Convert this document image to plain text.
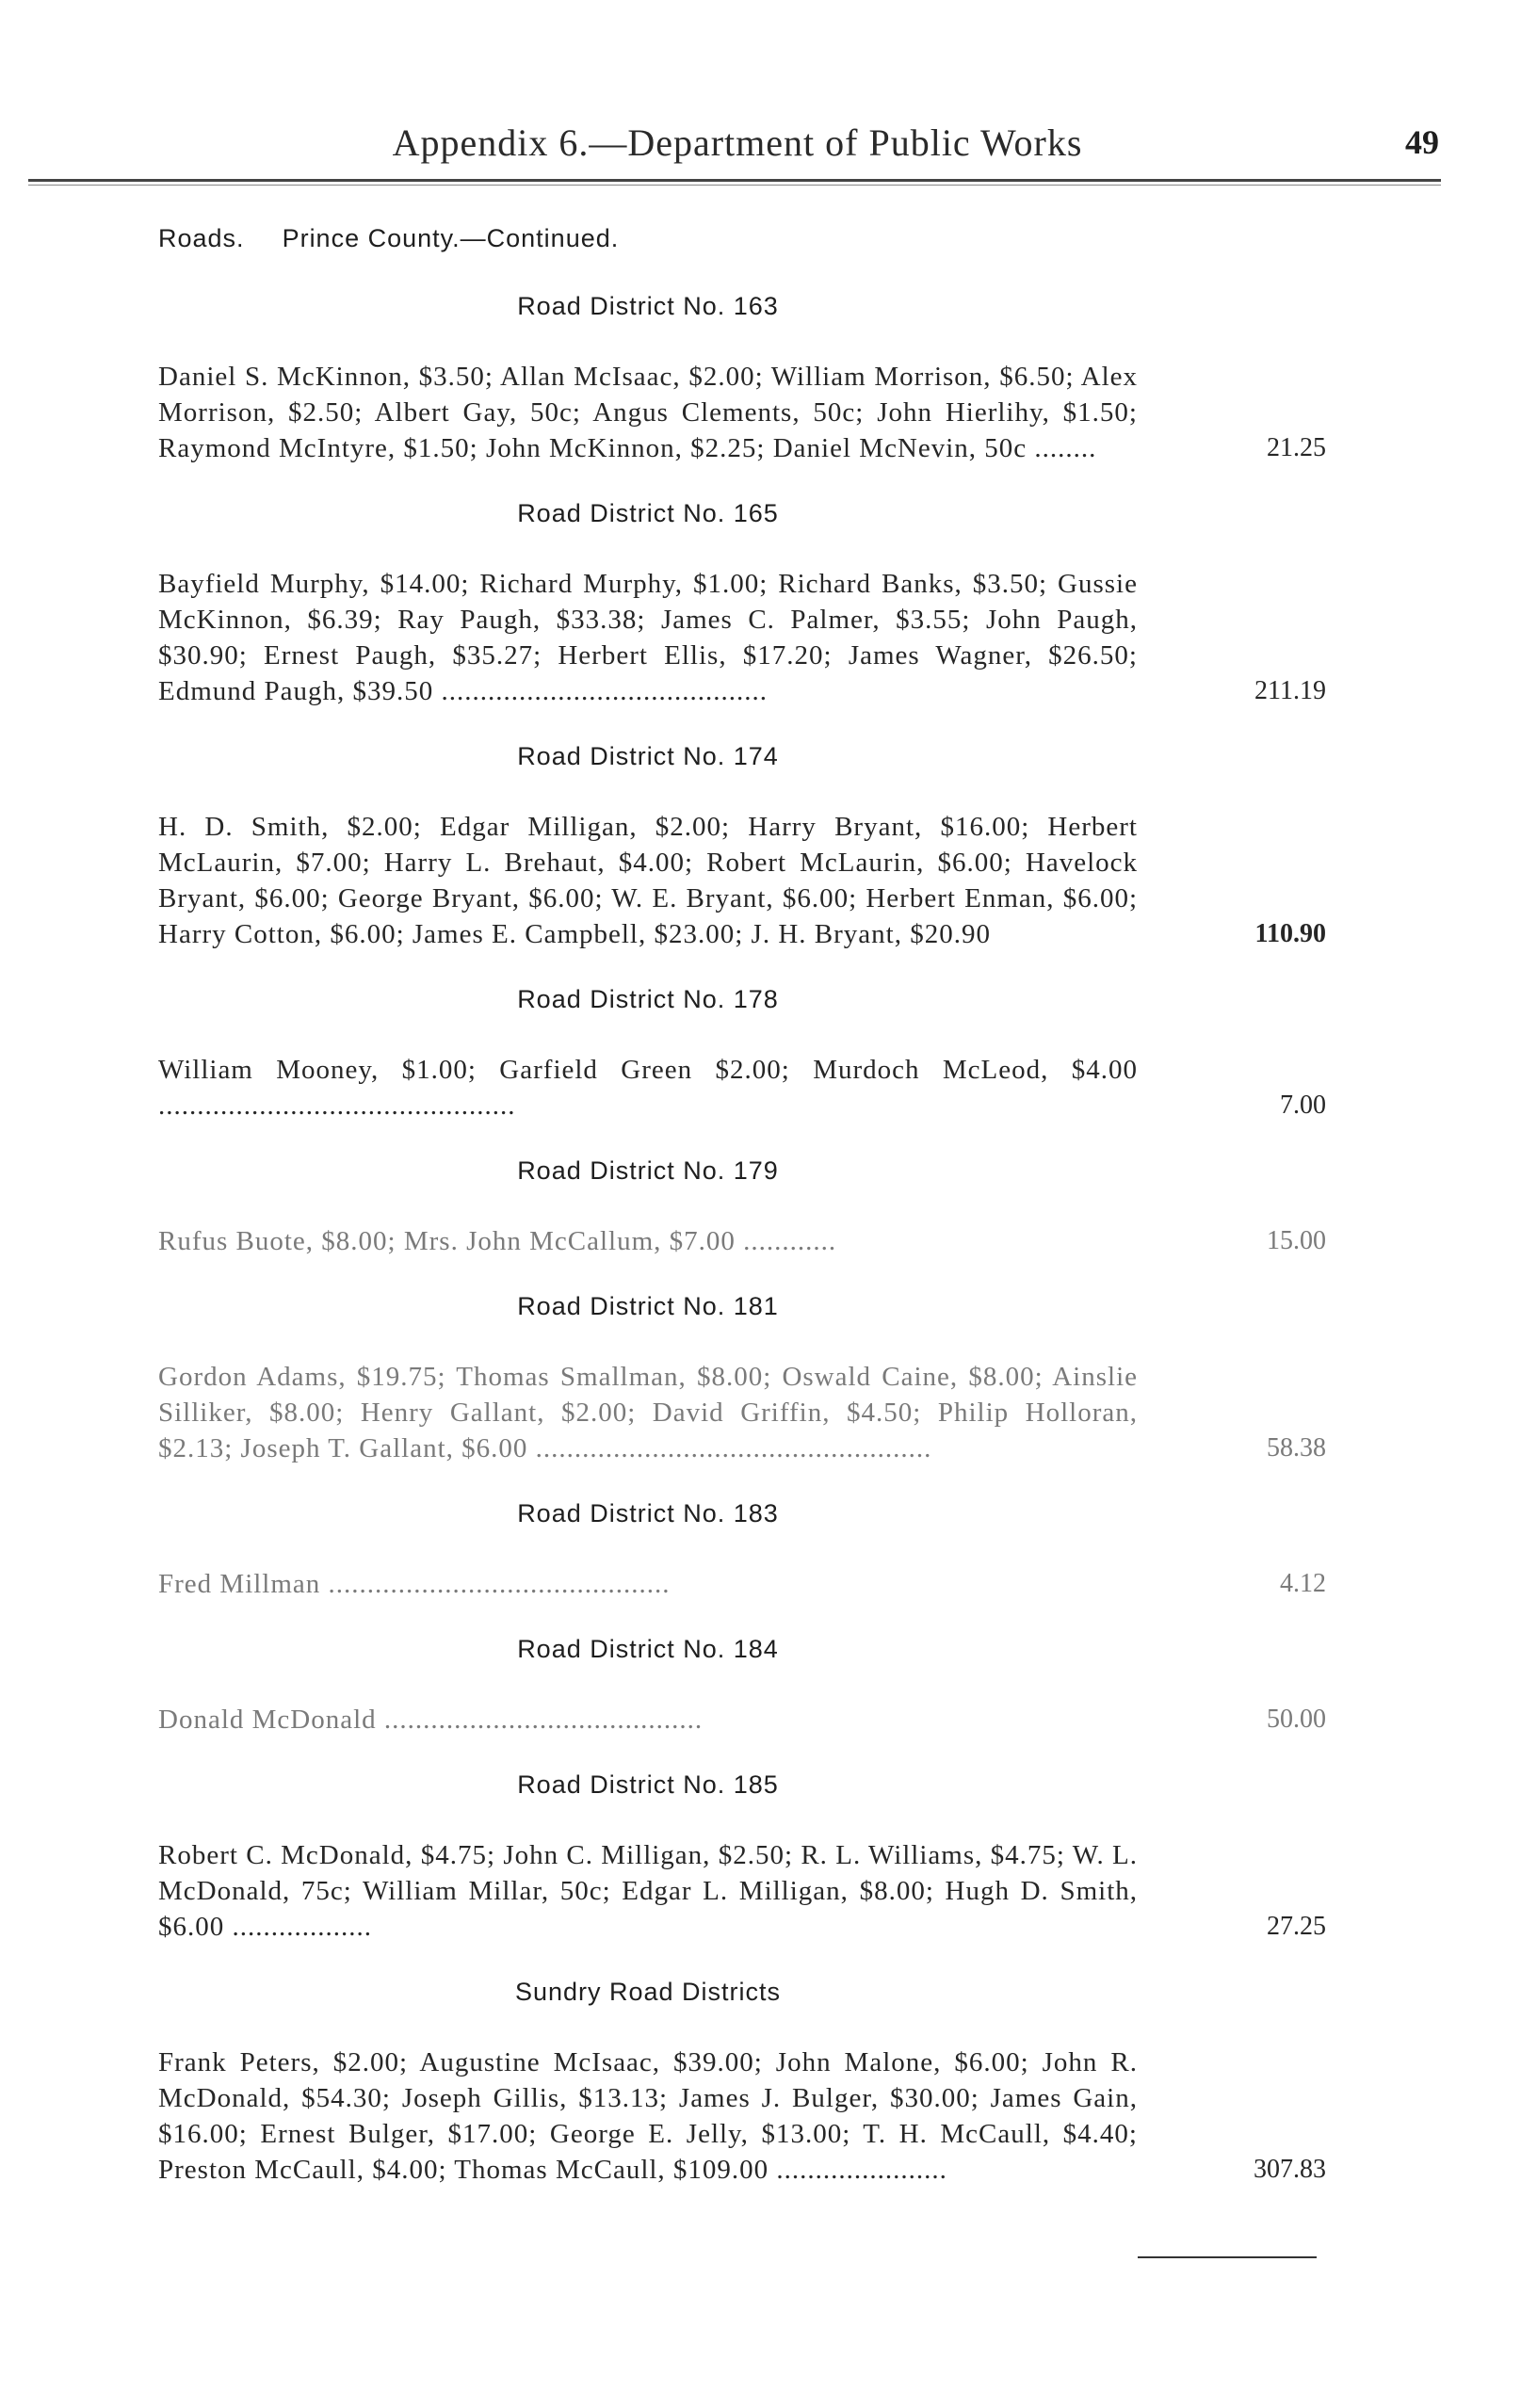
Appendix 6.—Department of Public Works	49
Roads. Prince County.—Continued.
Road District No. 163
Daniel S. McKinnon, $3.50; Allan McIsaac, $2.00; William Morrison, $6.50; Alex Morrison, $2.50; Albert Gay, 50c; Angus Clements, 50c; John Hierlihy, $1.50; Raymond McIntyre, $1.50; John McKinnon, $2.25; Daniel McNevin, 50c ........	21.25
Road District No. 165
Bayfield Murphy, $14.00; Richard Murphy, $1.00; Richard Banks, $3.50; Gussie McKinnon, $6.39; Ray Paugh, $33.38; James C. Palmer, $3.55; John Paugh, $30.90; Ernest Paugh, $35.27; Herbert Ellis, $17.20; James Wagner, $26.50; Edmund Paugh, $39.50 ..........................................	211.19
Road District No. 174
H. D. Smith, $2.00; Edgar Milligan, $2.00; Harry Bryant, $16.00; Herbert McLaurin, $7.00; Harry L. Brehaut, $4.00; Robert McLaurin, $6.00; Havelock Bryant, $6.00; George Bryant, $6.00; W. E. Bryant, $6.00; Herbert Enman, $6.00; Harry Cotton, $6.00; James E. Campbell, $23.00; J. H. Bryant, $20.90	110.90
Road District No. 178
William Mooney, $1.00; Garfield Green $2.00; Murdoch McLeod, $4.00 ..............................................	7.00
Road District No. 179
Rufus Buote, $8.00; Mrs. John McCallum, $7.00 ............	15.00
Road District No. 181
Gordon Adams, $19.75; Thomas Smallman, $8.00; Oswald Caine, $8.00; Ainslie Silliker, $8.00; Henry Gallant, $2.00; David Griffin, $4.50; Philip Holloran, $2.13; Joseph T. Gallant, $6.00 ...................................................	58.38
Road District No. 183
Fred Millman ............................................	4.12
Road District No. 184
Donald McDonald .........................................	50.00
Road District No. 185
Robert C. McDonald, $4.75; John C. Milligan, $2.50; R. L. Williams, $4.75; W. L. McDonald, 75c; William Millar, 50c; Edgar L. Milligan, $8.00; Hugh D. Smith, $6.00 ..................	27.25
Sundry Road Districts
Frank Peters, $2.00; Augustine McIsaac, $39.00; John Malone, $6.00; John R. McDonald, $54.30; Joseph Gillis, $13.13; James J. Bulger, $30.00; James Gain, $16.00; Ernest Bulger, $17.00; George E. Jelly, $13.00; T. H. McCaull, $4.40; Preston McCaull, $4.00; Thomas McCaull, $109.00 ......................	307.83
